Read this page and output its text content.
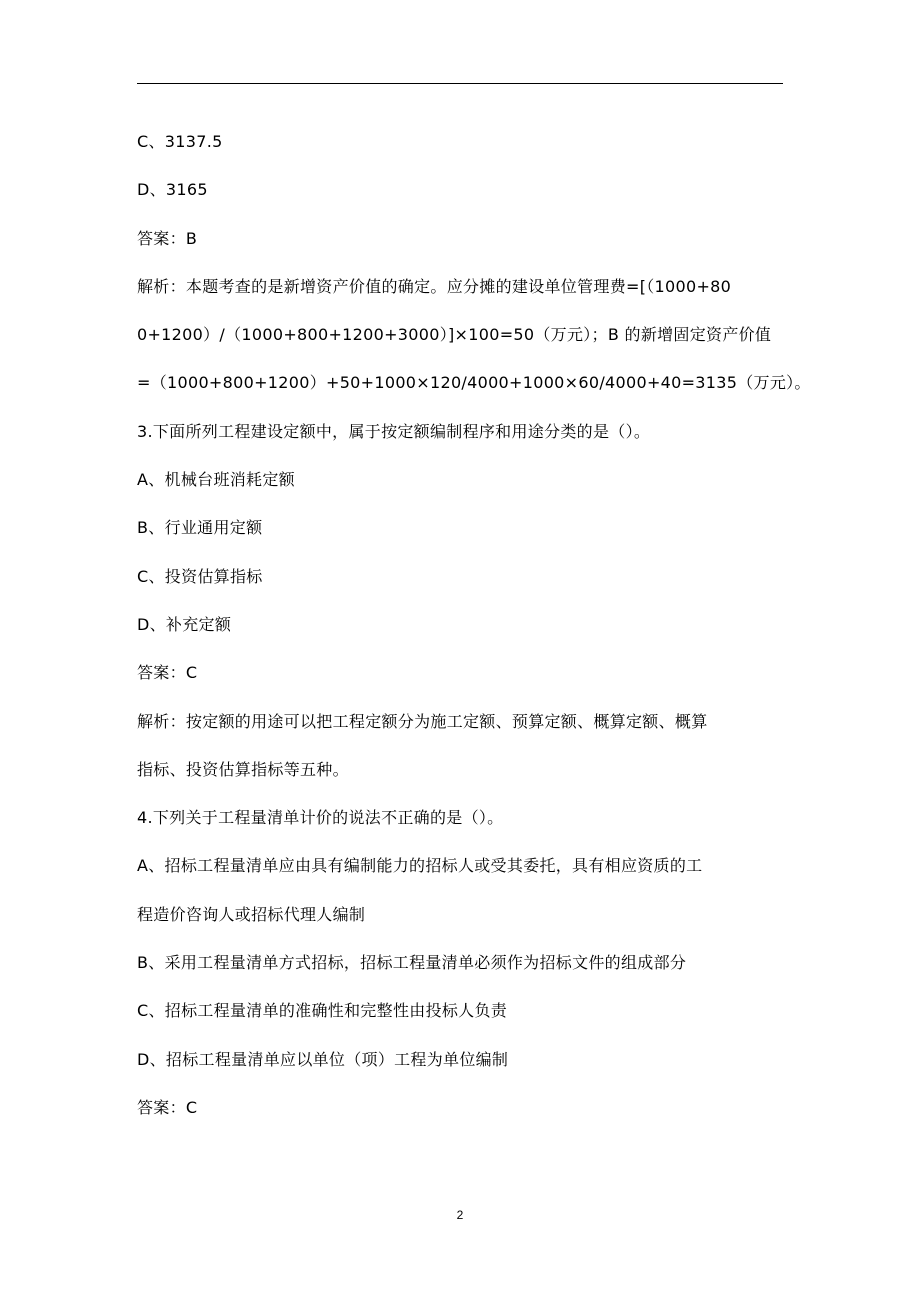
C、3137.5
D、3165
答案：B
解析：本题考查的是新增资产价值的确定。应分摊的建设单位管理费=[（1000+80
0+1200）/（1000+800+1200+3000）]×100=50（万元）；B 的新增固定资产价值
=（1000+800+1200）+50+1000×120/4000+1000×60/4000+40=3135（万元）。
3.下面所列工程建设定额中，属于按定额编制程序和用途分类的是（）。
A、机械台班消耗定额
B、行业通用定额
C、投资估算指标
D、补充定额
答案：C
解析：按定额的用途可以把工程定额分为施工定额、预算定额、概算定额、概算
指标、投资估算指标等五种。
4.下列关于工程量清单计价的说法不正确的是（）。
A、招标工程量清单应由具有编制能力的招标人或受其委托，具有相应资质的工
程造价咨询人或招标代理人编制
B、采用工程量清单方式招标，招标工程量清单必须作为招标文件的组成部分
C、招标工程量清单的准确性和完整性由投标人负责
D、招标工程量清单应以单位（项）工程为单位编制
答案：C
2
